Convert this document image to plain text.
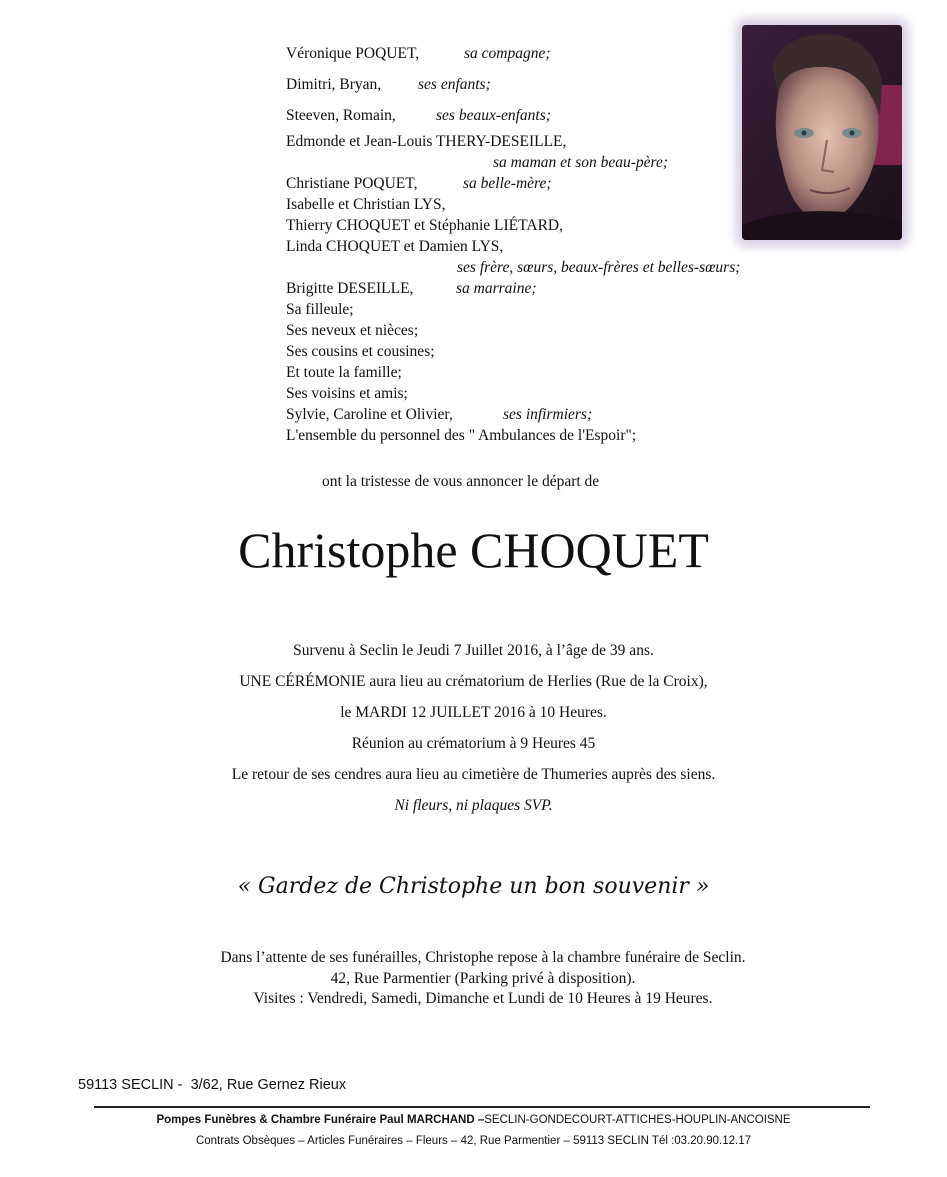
Véronique POQUET,	sa compagne;
Dimitri, Bryan, ses enfants;
Steeven, Romain,	ses beaux-enfants;
Edmonde et Jean-Louis THERY-DESEILLE,
sa maman et son beau-père;
Christiane POQUET,	sa belle-mère;
Isabelle et Christian LYS,
Thierry CHOQUET et Stéphanie LIÉTARD,
Linda CHOQUET et Damien LYS,
ses frère, sœurs, beaux-frères et belles-sœurs;
Brigitte DESEILLE,	sa marraine;
Sa filleule;
Ses neveux et nièces;
Ses cousins et cousines;
Et toute la famille;
Ses voisins et amis;
Sylvie, Caroline et Olivier,	ses infirmiers;
L'ensemble du personnel des " Ambulances de l'Espoir";
ont la tristesse de vous annoncer le départ de
Christophe CHOQUET
Survenu à Seclin le Jeudi 7 Juillet 2016, à l’âge de 39 ans.
UNE CÉRÉMONIE aura lieu au crématorium de Herlies (Rue de la Croix),
le MARDI 12 JUILLET 2016 à 10 Heures.
Réunion au crématorium à 9 Heures 45
Le retour de ses cendres aura lieu au cimetière de Thumeries auprès des siens.
Ni fleurs, ni plaques SVP.
« Gardez de Christophe un bon souvenir »
Dans l’attente de ses funérailles, Christophe repose à la chambre funéraire de Seclin.
42, Rue Parmentier (Parking privé à disposition).
Visites : Vendredi, Samedi, Dimanche et Lundi de 10 Heures à 19 Heures.
59113 SECLIN -  3/62, Rue Gernez Rieux
Pompes Funèbres & Chambre Funéraire Paul MARCHAND –SECLIN-GONDECOURT-ATTICHES-HOUPLIN-ANCOISNE
Contrats Obsèques – Articles Funéraires – Fleurs – 42, Rue Parmentier – 59113 SECLIN Tél :03.20.90.12.17
